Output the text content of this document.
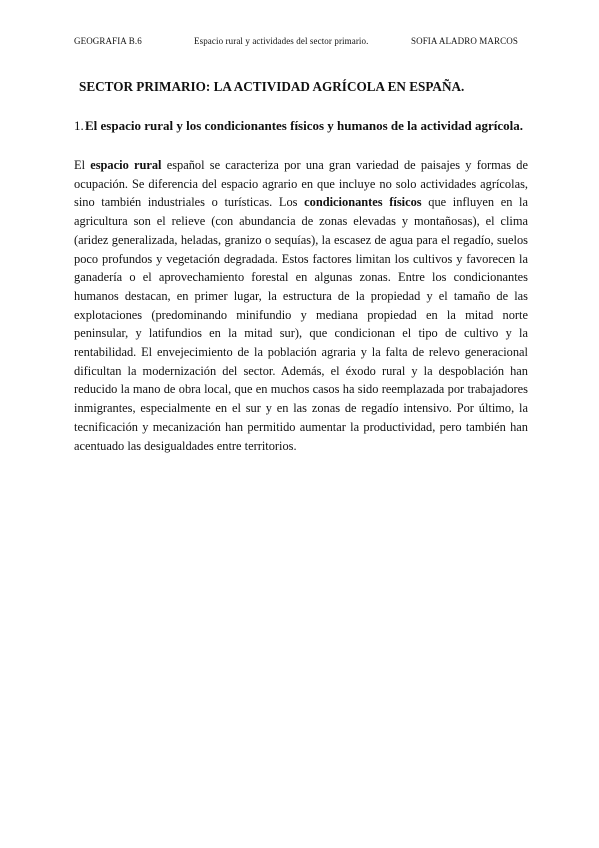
GEOGRAFIA B.6	Espacio rural y actividades del sector primario.	SOFIA ALADRO MARCOS
SECTOR PRIMARIO: LA ACTIVIDAD AGRÍCOLA EN ESPAÑA.
1. El espacio rural y los condicionantes físicos y humanos de la actividad agrícola.
El espacio rural español se caracteriza por una gran variedad de paisajes y formas de ocupación. Se diferencia del espacio agrario en que incluye no solo actividades agrícolas, sino también industriales o turísticas. Los condicionantes físicos que influyen en la agricultura son el relieve (con abundancia de zonas elevadas y montañosas), el clima (aridez generalizada, heladas, granizo o sequías), la escasez de agua para el regadío, suelos poco profundos y vegetación degradada. Estos factores limitan los cultivos y favorecen la ganadería o el aprovechamiento forestal en algunas zonas. Entre los condicionantes humanos destacan, en primer lugar, la estructura de la propiedad y el tamaño de las explotaciones (predominando minifundio y mediana propiedad en la mitad norte peninsular, y latifundios en la mitad sur), que condicionan el tipo de cultivo y la rentabilidad. El envejecimiento de la población agraria y la falta de relevo generacional dificultan la modernización del sector. Además, el éxodo rural y la despoblación han reducido la mano de obra local, que en muchos casos ha sido reemplazada por trabajadores inmigrantes, especialmente en el sur y en las zonas de regadío intensivo. Por último, la tecnificación y mecanización han permitido aumentar la productividad, pero también han acentuado las desigualdades entre territorios.
